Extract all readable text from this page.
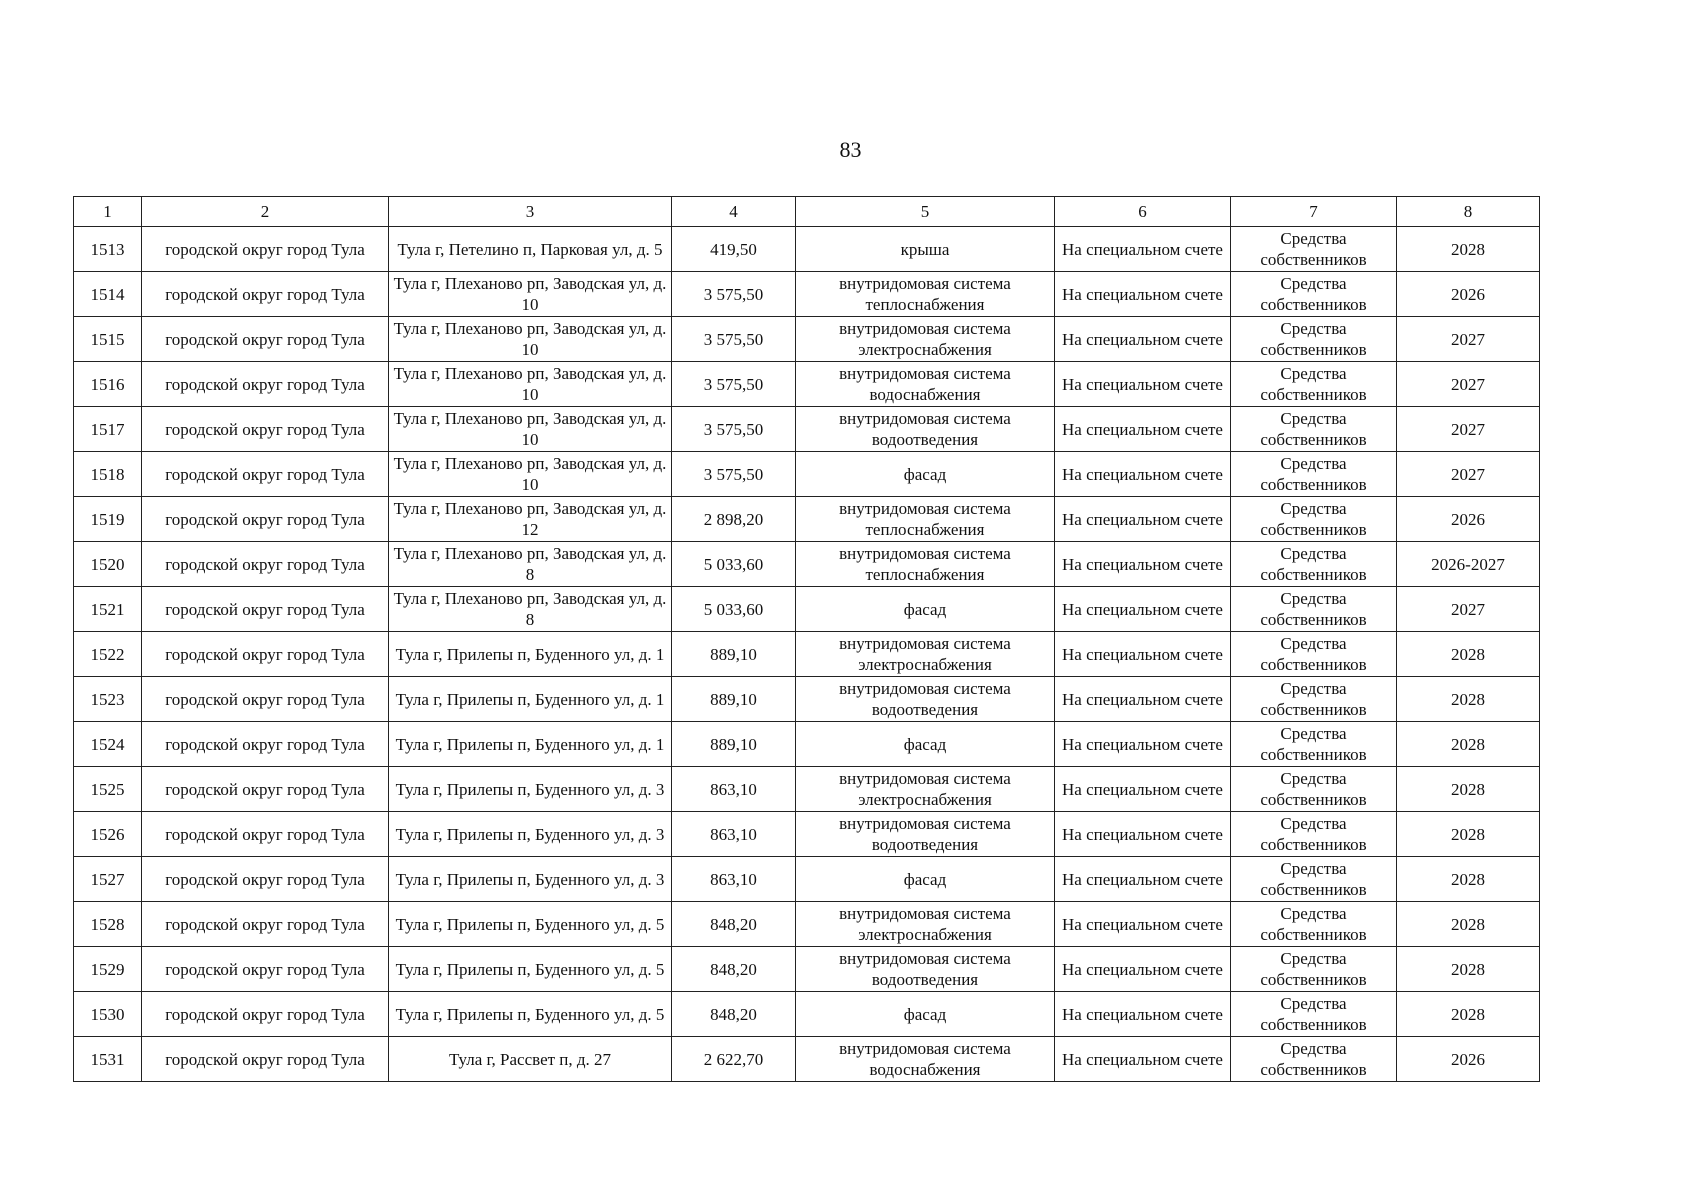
83
1	2	3	4	5	6	7	8
1513	городской округ город Тула	Тула г, Петелино п, Парковая ул, д. 5	419,50	крыша	На специальном счете	Средства собственников	2028
1514	городской округ город Тула	Тула г, Плеханово рп, Заводская ул, д. 10	3 575,50	внутридомовая система теплоснабжения	На специальном счете	Средства собственников	2026
1515	городской округ город Тула	Тула г, Плеханово рп, Заводская ул, д. 10	3 575,50	внутридомовая система электроснабжения	На специальном счете	Средства собственников	2027
1516	городской округ город Тула	Тула г, Плеханово рп, Заводская ул, д. 10	3 575,50	внутридомовая система водоснабжения	На специальном счете	Средства собственников	2027
1517	городской округ город Тула	Тула г, Плеханово рп, Заводская ул, д. 10	3 575,50	внутридомовая система водоотведения	На специальном счете	Средства собственников	2027
1518	городской округ город Тула	Тула г, Плеханово рп, Заводская ул, д. 10	3 575,50	фасад	На специальном счете	Средства собственников	2027
1519	городской округ город Тула	Тула г, Плеханово рп, Заводская ул, д. 12	2 898,20	внутридомовая система теплоснабжения	На специальном счете	Средства собственников	2026
1520	городской округ город Тула	Тула г, Плеханово рп, Заводская ул, д. 8	5 033,60	внутридомовая система теплоснабжения	На специальном счете	Средства собственников	2026-2027
1521	городской округ город Тула	Тула г, Плеханово рп, Заводская ул, д. 8	5 033,60	фасад	На специальном счете	Средства собственников	2027
1522	городской округ город Тула	Тула г, Прилепы п, Буденного ул, д. 1	889,10	внутридомовая система электроснабжения	На специальном счете	Средства собственников	2028
1523	городской округ город Тула	Тула г, Прилепы п, Буденного ул, д. 1	889,10	внутридомовая система водоотведения	На специальном счете	Средства собственников	2028
1524	городской округ город Тула	Тула г, Прилепы п, Буденного ул, д. 1	889,10	фасад	На специальном счете	Средства собственников	2028
1525	городской округ город Тула	Тула г, Прилепы п, Буденного ул, д. 3	863,10	внутридомовая система электроснабжения	На специальном счете	Средства собственников	2028
1526	городской округ город Тула	Тула г, Прилепы п, Буденного ул, д. 3	863,10	внутридомовая система водоотведения	На специальном счете	Средства собственников	2028
1527	городской округ город Тула	Тула г, Прилепы п, Буденного ул, д. 3	863,10	фасад	На специальном счете	Средства собственников	2028
1528	городской округ город Тула	Тула г, Прилепы п, Буденного ул, д. 5	848,20	внутридомовая система электроснабжения	На специальном счете	Средства собственников	2028
1529	городской округ город Тула	Тула г, Прилепы п, Буденного ул, д. 5	848,20	внутридомовая система водоотведения	На специальном счете	Средства собственников	2028
1530	городской округ город Тула	Тула г, Прилепы п, Буденного ул, д. 5	848,20	фасад	На специальном счете	Средства собственников	2028
1531	городской округ город Тула	Тула г, Рассвет п, д. 27	2 622,70	внутридомовая система водоснабжения	На специальном счете	Средства собственников	2026
